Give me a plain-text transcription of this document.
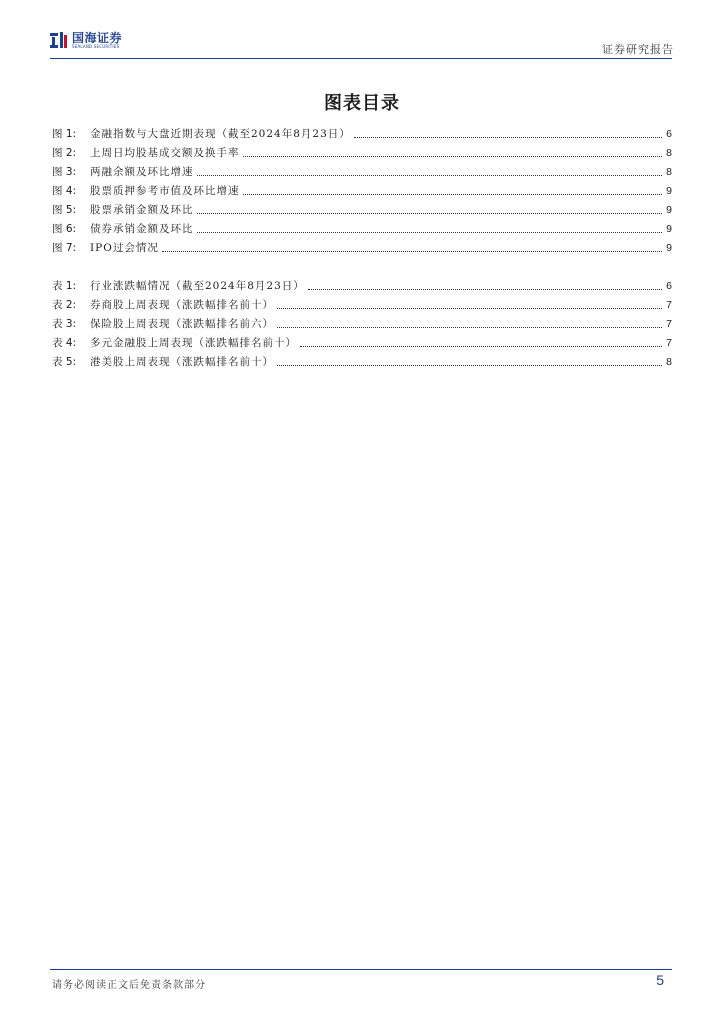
国海证券
SEALAND SECURITIES	证券研究报告
图表目录
图 1:	金融指数与大盘近期表现（截至2024年8月23日）	6
图 2:	上周日均股基成交额及换手率	8
图 3:	两融余额及环比增速	8
图 4:	股票质押参考市值及环比增速	9
图 5:	股票承销金额及环比	9
图 6:	债券承销金额及环比	9
图 7:	IPO过会情况	9
表 1:	行业涨跌幅情况（截至2024年8月23日）	6
表 2:	券商股上周表现（涨跌幅排名前十）	7
表 3:	保险股上周表现（涨跌幅排名前六）	7
表 4:	多元金融股上周表现（涨跌幅排名前十）	7
表 5:	港美股上周表现（涨跌幅排名前十）	8
请务必阅读正文后免责条款部分	5
